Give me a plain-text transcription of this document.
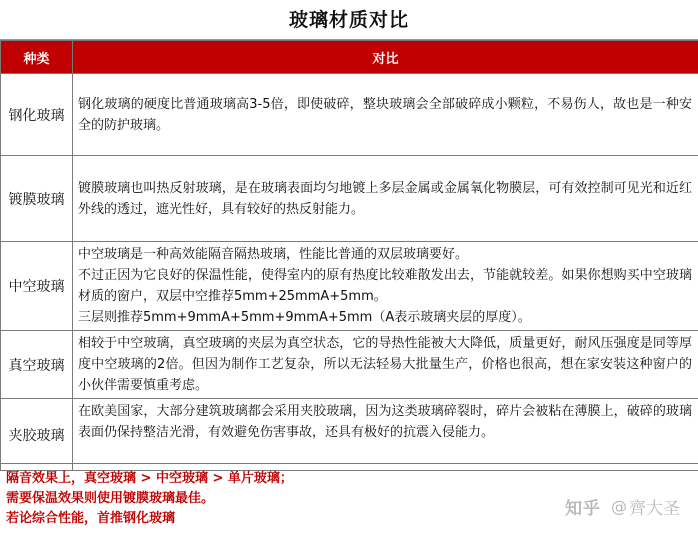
玻璃材质对比
种类	对比
钢化玻璃	钢化玻璃的硬度比普通玻璃高3-5倍，即使破碎，整块玻璃会全部破碎成小颗粒，不易伤人，故也是一种安全的防护玻璃。

镀膜玻璃	镀膜玻璃也叫热反射玻璃，是在玻璃表面均匀地镀上多层金属或金属氧化物膜层，可有效控制可见光和近红外线的透过，遮光性好，具有较好的热反射能力。

中空玻璃	中空玻璃是一种高效能隔音隔热玻璃，性能比普通的双层玻璃要好。

不过正因为它良好的保温性能，使得室内的原有热度比较难散发出去，节能就较差。如果你想购买中空玻璃材质的窗户，双层中空推荐5mm+25mmA+5mm。

三层则推荐5mm+9mmA+5mm+9mmA+5mm（A表示玻璃夹层的厚度）。

真空玻璃	相较于中空玻璃，真空玻璃的夹层为真空状态，它的导热性能被大大降低，质量更好，耐风压强度是同等厚度中空玻璃的2倍。但因为制作工艺复杂，所以无法轻易大批量生产，价格也很高，想在家安装这种窗户的小伙伴需要慎重考虑。

夹胶玻璃	在欧美国家，大部分建筑玻璃都会采用夹胶玻璃，因为这类玻璃碎裂时，碎片会被粘在薄膜上，破碎的玻璃表面仍保持整洁光滑，有效避免伤害事故，还具有极好的抗震入侵能力。

隔音效果上，真空玻璃 > 中空玻璃 > 单片玻璃；
需要保温效果则使用镀膜玻璃最佳。
若论综合性能，首推钢化玻璃	知乎 @ 齊大圣
